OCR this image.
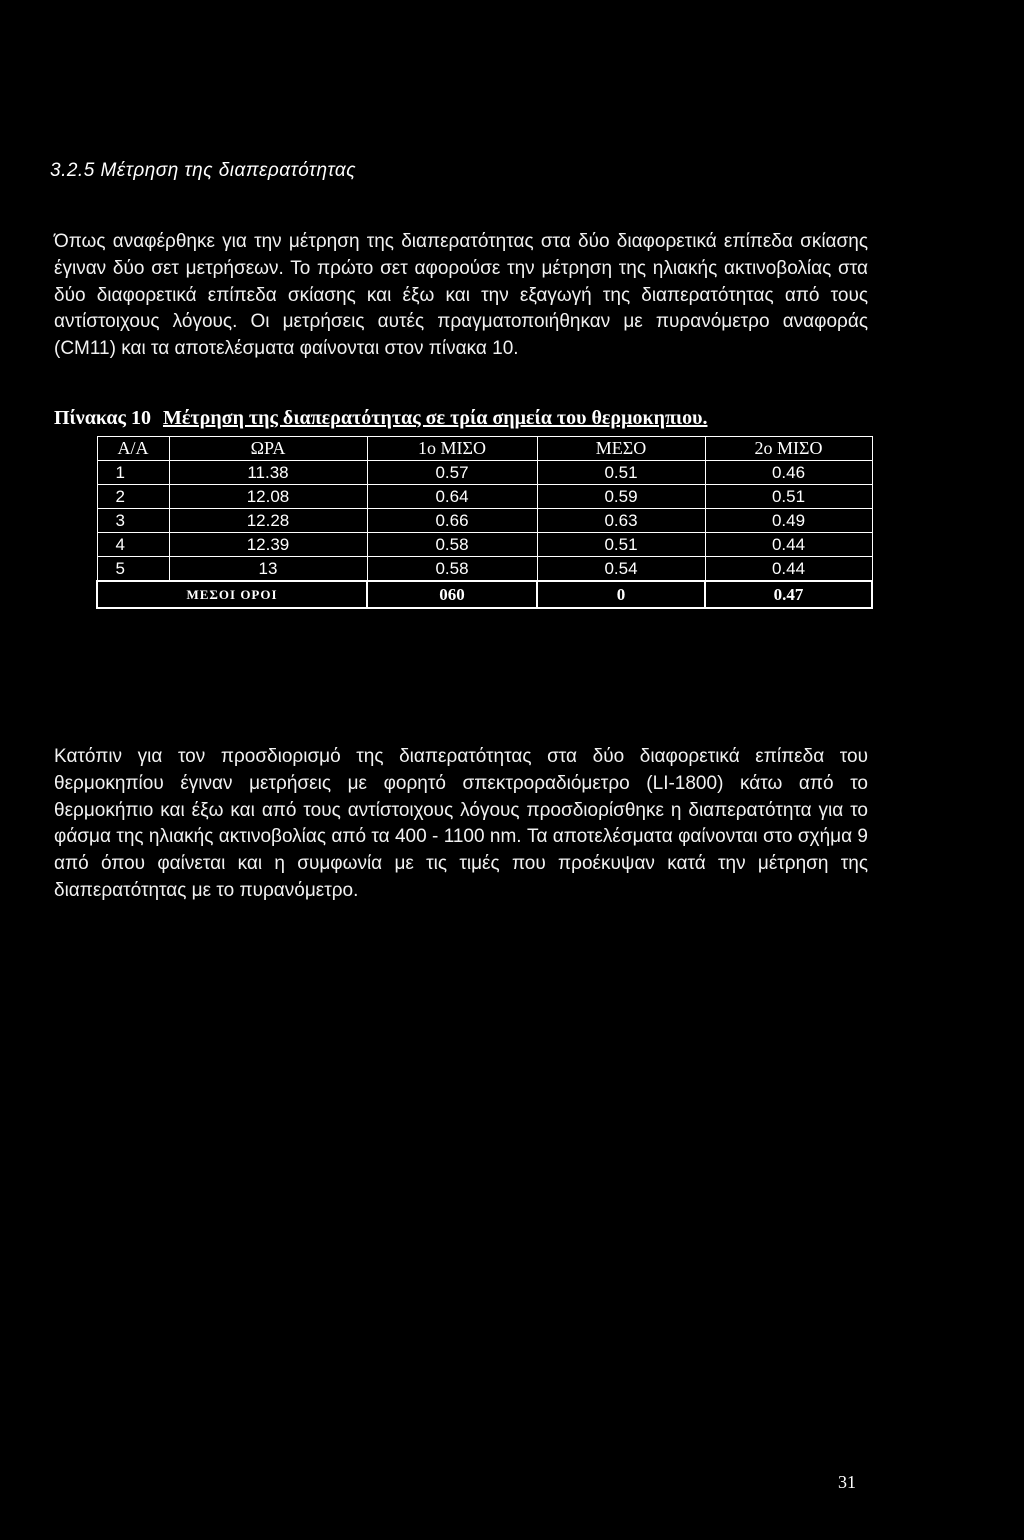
3.2.5 Μέτρηση της διαπερατότητας

Όπως αναφέρθηκε για την μέτρηση της διαπερατότητας στα δύο διαφορετικά επίπεδα σκίασης έγιναν δύο σετ μετρήσεων. Το πρώτο σετ αφορούσε την μέτρηση της ηλιακής ακτινοβολίας στα δύο διαφορετικά επίπεδα σκίασης και έξω και την εξαγωγή της διαπερατότητας από τους αντίστοιχους λόγους. Οι μετρήσεις αυτές πραγματοποιήθηκαν με πυρανόμετρο αναφοράς (CM11) και τα αποτελέσματα φαίνονται στον πίνακα 10.

Πίνακας 10 Μέτρηση της διαπερατότητας σε τρία σημεία του θερμοκηπιου.
Α/Α	ΩΡΑ	1ο ΜΙΣΟ	ΜΕΣΟ	2ο ΜΙΣΟ
1	11.38	0.57	0.51	0.46
2	12.08	0.64	0.59	0.51
3	12.28	0.66	0.63	0.49
4	12.39	0.58	0.51	0.44
5	13	0.58	0.54	0.44
ΜΕΣΟΙ ΟΡΟΙ		060	0	0.47

Κατόπιν για τον προσδιορισμό της διαπερατότητας στα δύο διαφορετικά επίπεδα του θερμοκηπίου έγιναν μετρήσεις με φορητό σπεκτροραδιόμετρο (LI-1800) κάτω από το θερμοκήπιο και έξω και από τους αντίστοιχους λόγους προσδιορίσθηκε η διαπερατότητα για το φάσμα της ηλιακής ακτινοβολίας από τα 400 - 1100 nm. Τα αποτελέσματα φαίνονται στο σχήμα 9 από όπου φαίνεται και η συμφωνία με τις τιμές που προέκυψαν κατά την μέτρηση της διαπερατότητας με το πυρανόμετρο.

31
